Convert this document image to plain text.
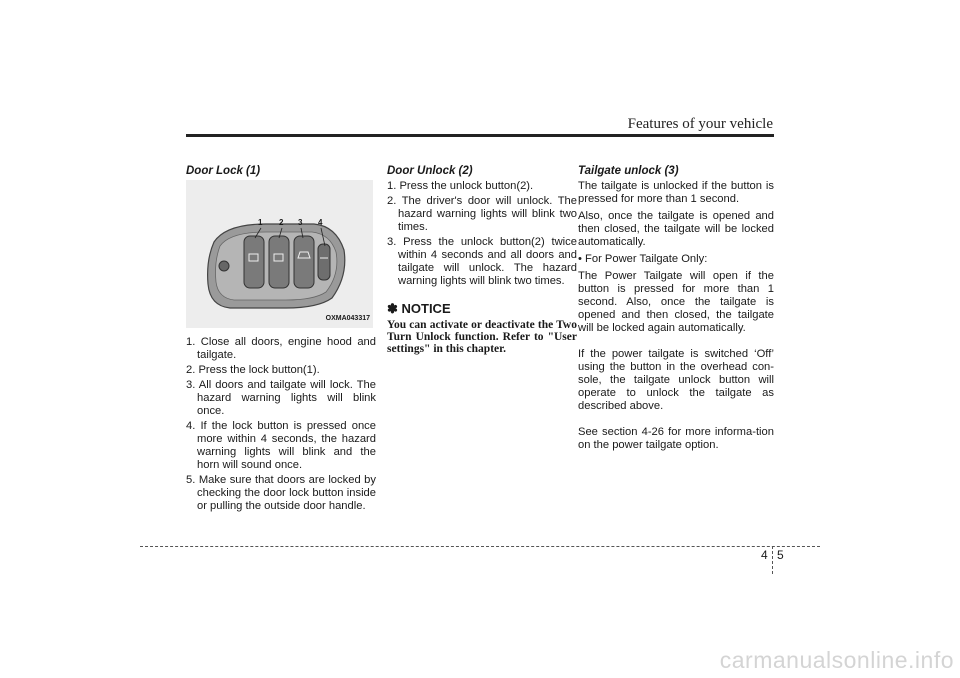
Features of your vehicle
Door Lock (1)
1 2 3 4
OXMA043317
1. Close all doors, engine hood and tailgate.
2. Press the lock button(1).
3. All doors and tailgate will lock. The hazard warning lights will blink once.
4. If the lock button is pressed once more within 4 seconds, the hazard warning lights will blink and the horn will sound once.
5. Make sure that doors are locked by checking the door lock button inside or pulling the outside door handle.
Door Unlock (2)
1. Press the unlock button(2).
2. The driver's door will unlock. The hazard warning lights will blink two times.
3. Press the unlock button(2) twice within 4 seconds and all doors and tailgate will unlock. The hazard warning lights will blink two times.
✽ NOTICE
You can activate or deactivate the Two Turn Unlock function. Refer to "User settings" in this chapter.
Tailgate unlock (3)

The tailgate is unlocked if the button is pressed for more than 1 second.

Also, once the tailgate is opened and then closed, the tailgate will be locked automatically.

• For Power Tailgate Only:

The Power Tailgate will open if the button is pressed for more than 1 second. Also, once the tailgate is opened and then closed, the tailgate will be locked again automatically.

If the power tailgate is switched ‘Off’ using the button in the overhead con-sole, the tailgate unlock button will operate to unlock the tailgate as described above.

See section 4-26 for more informa-tion on the power tailgate option.

4 5
carmanualsonline.info
